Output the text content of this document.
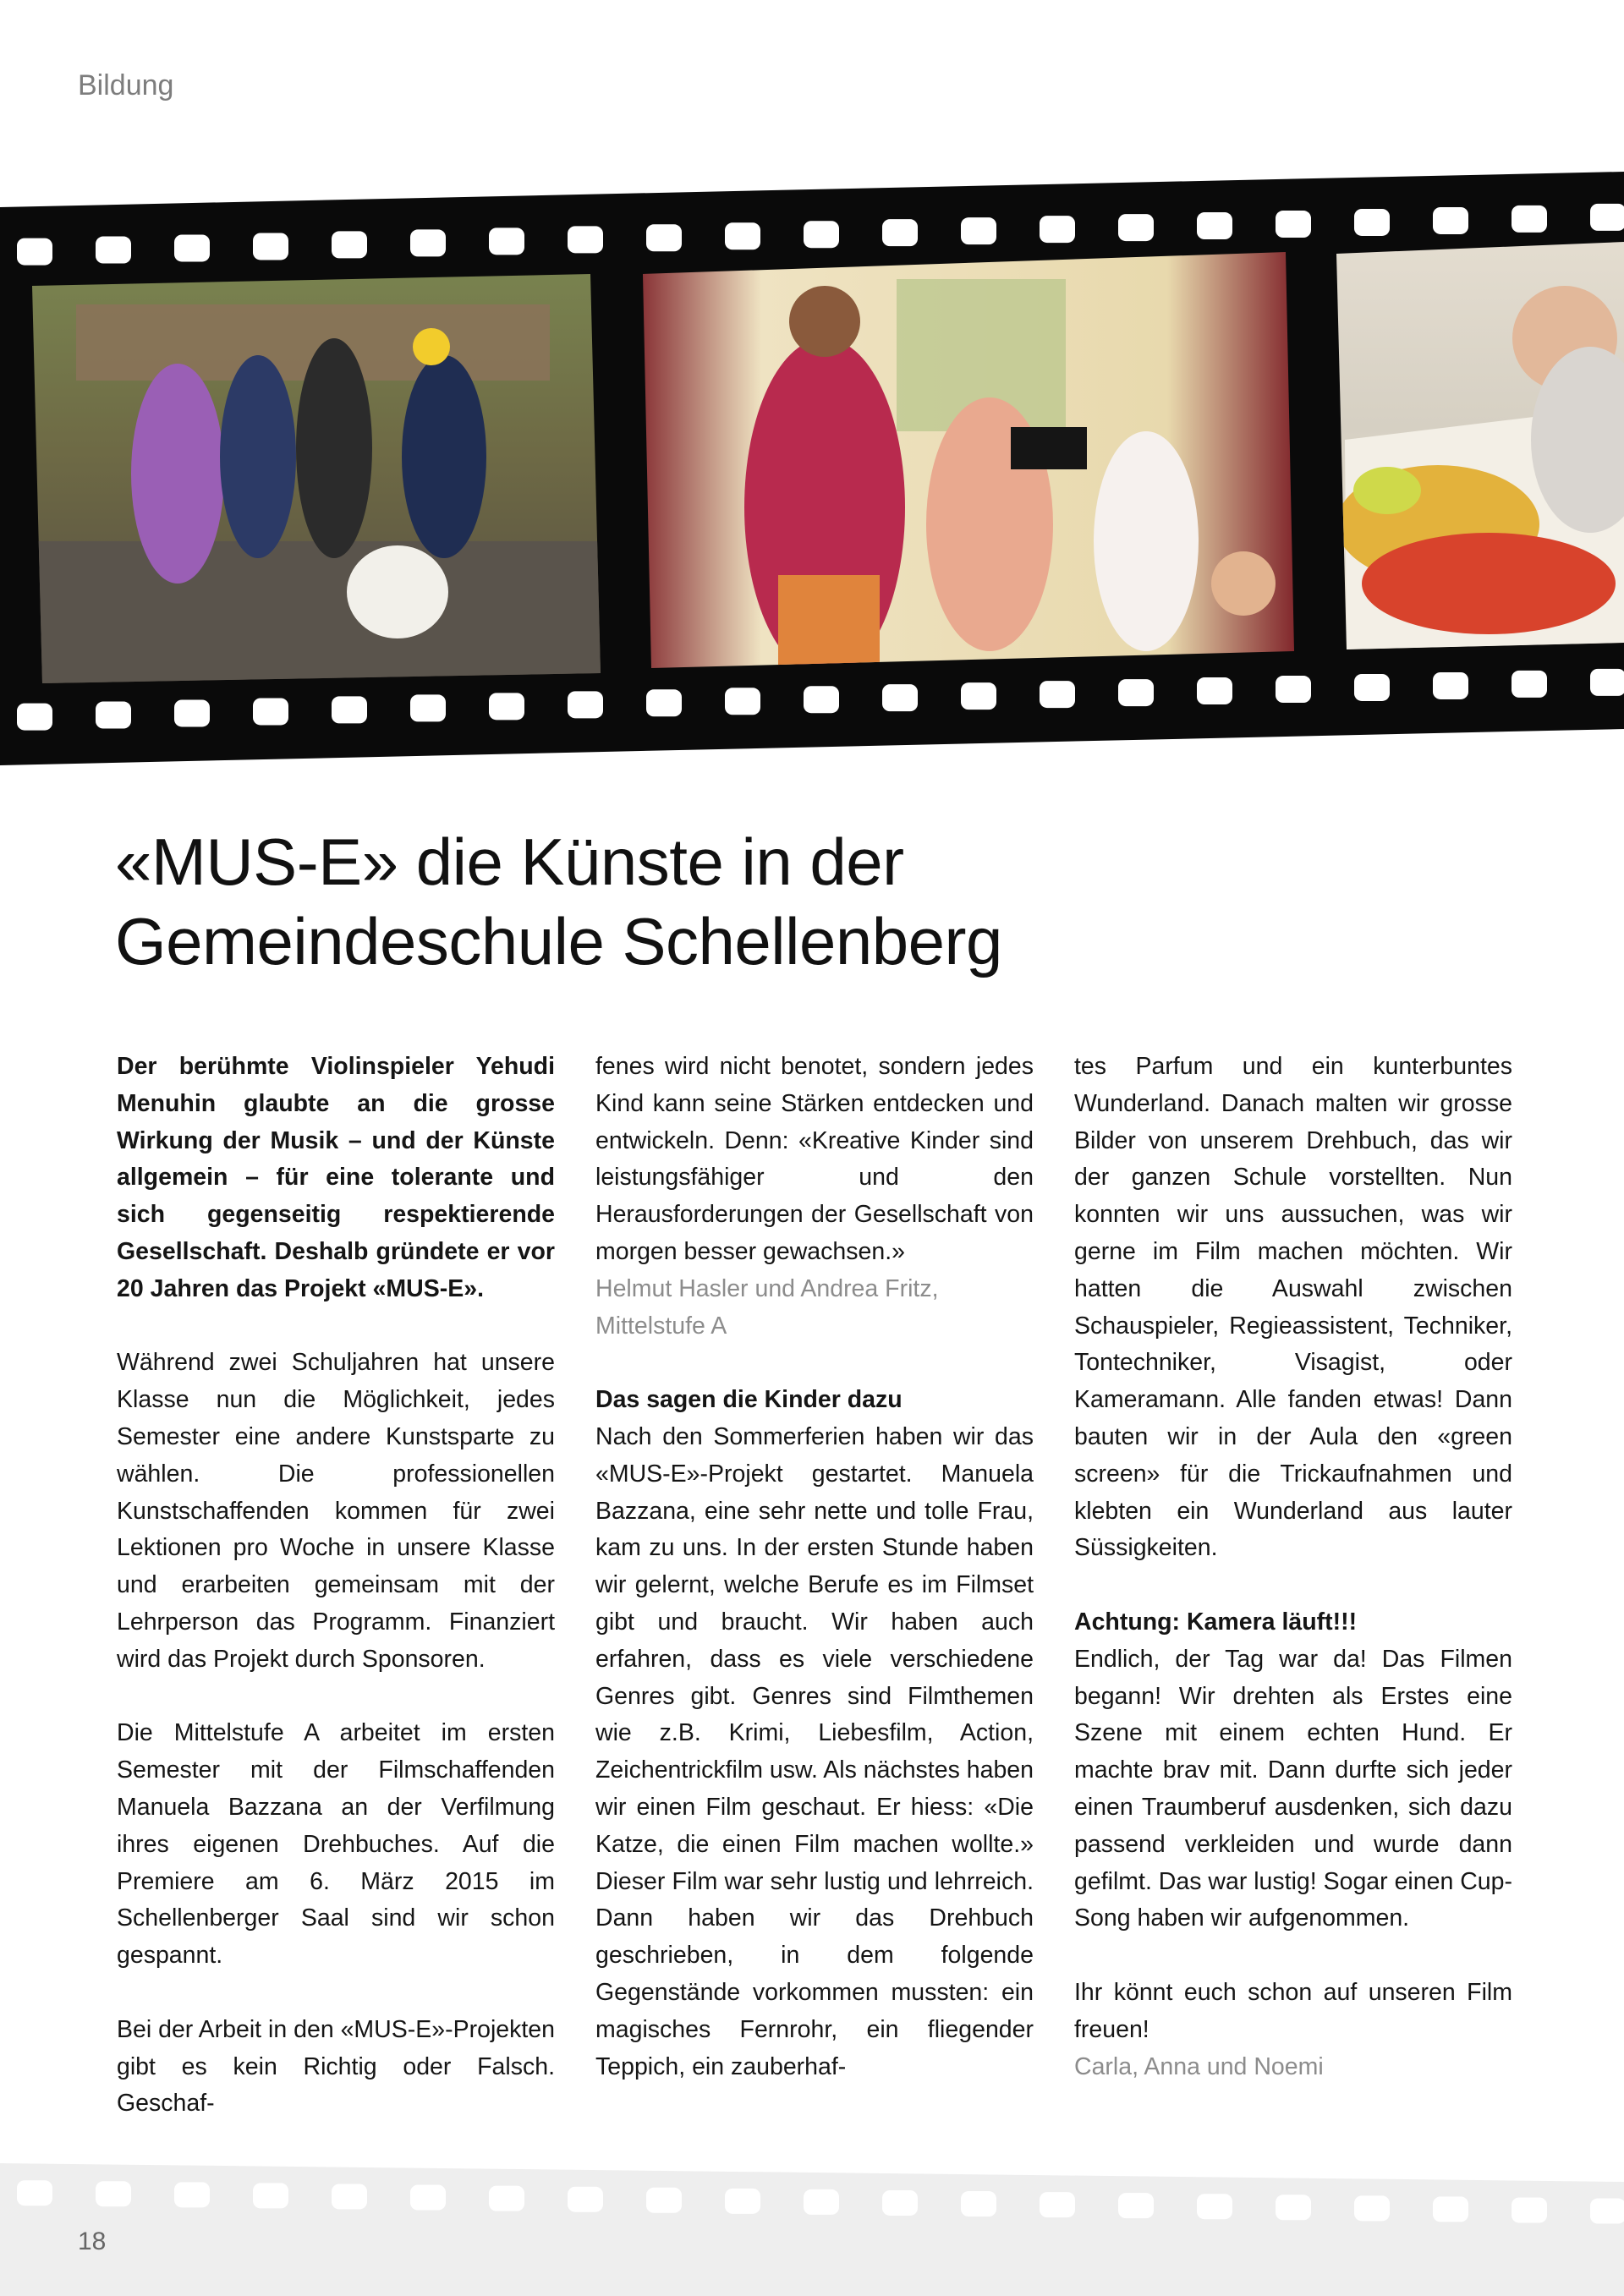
Bildung
«MUS-E» die Künste in der
Gemeindeschule Schellenberg

Der berühmte Violinspieler Yehudi Menuhin glaubte an die grosse Wirkung der Musik – und der Künste allgemein – für eine tolerante und sich gegenseitig respektierende Gesellschaft. Deshalb gründete er vor 20 Jahren das Projekt «MUS-E».

Während zwei Schuljahren hat unsere Klasse nun die Möglichkeit, jedes Semester eine andere Kunstsparte zu wählen. Die professionellen Kunstschaffenden kommen für zwei Lektionen pro Woche in unsere Klasse und erarbeiten gemeinsam mit der Lehrperson das Programm. Finanziert wird das Projekt durch Sponsoren.

Die Mittelstufe A arbeitet im ersten Semester mit der Filmschaffenden Manuela Bazzana an der Verfilmung ihres eigenen Drehbuches. Auf die Premiere am 6. März 2015 im Schellenberger Saal sind wir schon gespannt.

Bei der Arbeit in den «MUS-E»-Projekten gibt es kein Richtig oder Falsch. Geschaf-

fenes wird nicht benotet, sondern jedes Kind kann seine Stärken entdecken und entwickeln. Denn: «Kreative Kinder sind leistungsfähiger und den Herausforderungen der Gesellschaft von morgen besser gewachsen.»

Helmut Hasler und Andrea Fritz,

Mittelstufe A

Das sagen die Kinder dazu

Nach den Sommerferien haben wir das «MUS-E»-Projekt gestartet. Manuela Bazzana, eine sehr nette und tolle Frau, kam zu uns. In der ersten Stunde haben wir gelernt, welche Berufe es im Filmset gibt und braucht. Wir haben auch erfahren, dass es viele verschiedene Genres gibt. Genres sind Filmthemen wie z.B. Krimi, Liebesfilm, Action, Zeichentrickfilm usw. Als nächstes haben wir einen Film geschaut. Er hiess: «Die Katze, die einen Film machen wollte.» Dieser Film war sehr lustig und lehrreich. Dann haben wir das Drehbuch geschrieben, in dem folgende Gegenstände vorkommen mussten: ein magisches Fernrohr, ein fliegender Teppich, ein zauberhaf-

tes Parfum und ein kunterbuntes Wunderland. Danach malten wir grosse Bilder von unserem Drehbuch, das wir der ganzen Schule vorstellten. Nun konnten wir uns aussuchen, was wir gerne im Film machen möchten. Wir hatten die Auswahl zwischen Schauspieler, Regieassistent, Techniker, Tontechniker, Visagist, oder Kameramann. Alle fanden etwas! Dann bauten wir in der Aula den «green screen» für die Trickaufnahmen und klebten ein Wunderland aus lauter Süssigkeiten.

Achtung: Kamera läuft!!!

Endlich, der Tag war da! Das Filmen begann! Wir drehten als Erstes eine Szene mit einem echten Hund. Er machte brav mit. Dann durfte sich jeder einen Traumberuf ausdenken, sich dazu passend verkleiden und wurde dann gefilmt. Das war lustig! Sogar einen Cup-Song haben wir aufgenommen.

Ihr könnt euch schon auf unseren Film freuen!

Carla, Anna und Noemi

18
